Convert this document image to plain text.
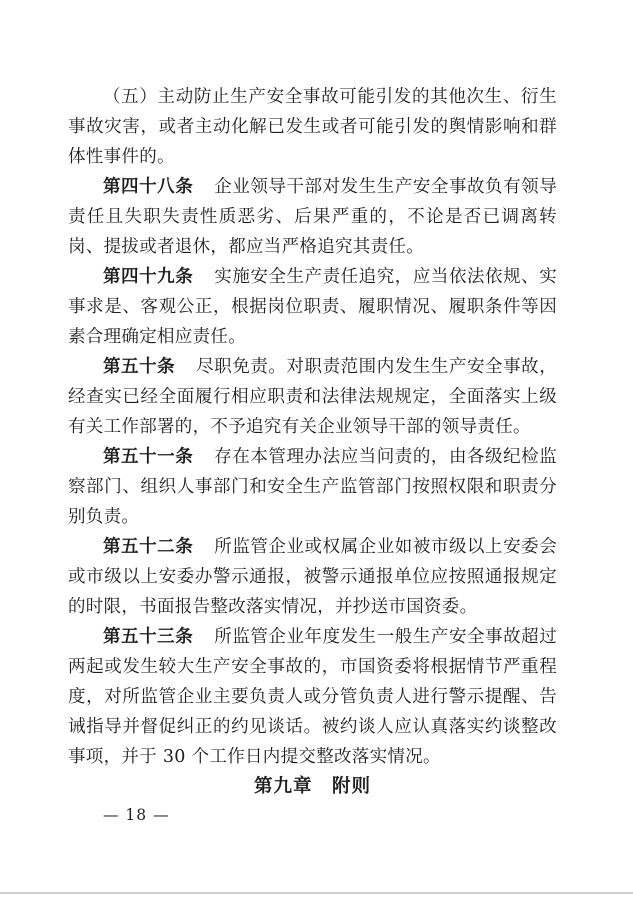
（五）主动防止生产安全事故可能引发的其他次生、衍生事故灾害，或者主动化解已发生或者可能引发的舆情影响和群体性事件的。

第四十八条 企业领导干部对发生生产安全事故负有领导责任且失职失责性质恶劣、后果严重的，不论是否已调离转岗、提拔或者退休，都应当严格追究其责任。

第四十九条 实施安全生产责任追究，应当依法依规、实事求是、客观公正，根据岗位职责、履职情况、履职条件等因素合理确定相应责任。

第五十条 尽职免责。对职责范围内发生生产安全事故，经查实已经全面履行相应职责和法律法规规定，全面落实上级有关工作部署的，不予追究有关企业领导干部的领导责任。

第五十一条 存在本管理办法应当问责的，由各级纪检监察部门、组织人事部门和安全生产监管部门按照权限和职责分别负责。

第五十二条 所监管企业或权属企业如被市级以上安委会或市级以上安委办警示通报，被警示通报单位应按照通报规定的时限，书面报告整改落实情况，并抄送市国资委。

第五十三条 所监管企业年度发生一般生产安全事故超过两起或发生较大生产安全事故的，市国资委将根据情节严重程度，对所监管企业主要负责人或分管负责人进行警示提醒、告诫指导并督促纠正的约见谈话。被约谈人应认真落实约谈整改事项，并于 30 个工作日内提交整改落实情况。

第九章　附则
— 18 —
